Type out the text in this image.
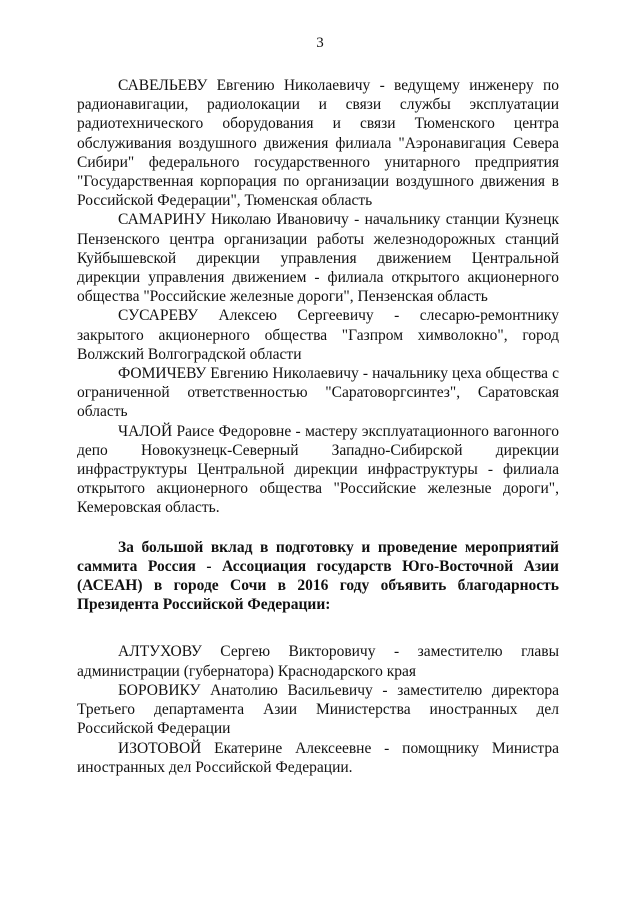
3

САВЕЛЬЕВУ Евгению Николаевичу - ведущему инженеру по радионавигации, радиолокации и связи службы эксплуатации радиотехнического оборудования и связи Тюменского центра обслуживания воздушного движения филиала "Аэронавигация Севера Сибири" федерального государственного унитарного предприятия "Государственная корпорация по организации воздушного движения в Российской Федерации", Тюменская область

САМАРИНУ Николаю Ивановичу - начальнику станции Кузнецк Пензенского центра организации работы железнодорожных станций Куйбышевской дирекции управления движением Центральной дирекции управления движением - филиала открытого акционерного общества "Российские железные дороги", Пензенская область

СУСАРЕВУ Алексею Сергеевичу - слесарю-ремонтнику закрытого акционерного общества "Газпром химволокно", город Волжский Волгоградской области

ФОМИЧЕВУ Евгению Николаевичу - начальнику цеха общества с ограниченной ответственностью "Саратоворгсинтез", Саратовская область

ЧАЛОЙ Раисе Федоровне - мастеру эксплуатационного вагонного депо Новокузнецк-Северный Западно-Сибирской дирекции инфраструктуры Центральной дирекции инфраструктуры - филиала открытого акционерного общества "Российские железные дороги", Кемеровская область.

За большой вклад в подготовку и проведение мероприятий саммита Россия - Ассоциация государств Юго-Восточной Азии (АСЕАН) в городе Сочи в 2016 году объявить благодарность Президента Российской Федерации:

АЛТУХОВУ Сергею Викторовичу - заместителю главы администрации (губернатора) Краснодарского края

БОРОВИКУ Анатолию Васильевичу - заместителю директора Третьего департамента Азии Министерства иностранных дел Российской Федерации

ИЗОТОВОЙ Екатерине Алексеевне - помощнику Министра иностранных дел Российской Федерации.
